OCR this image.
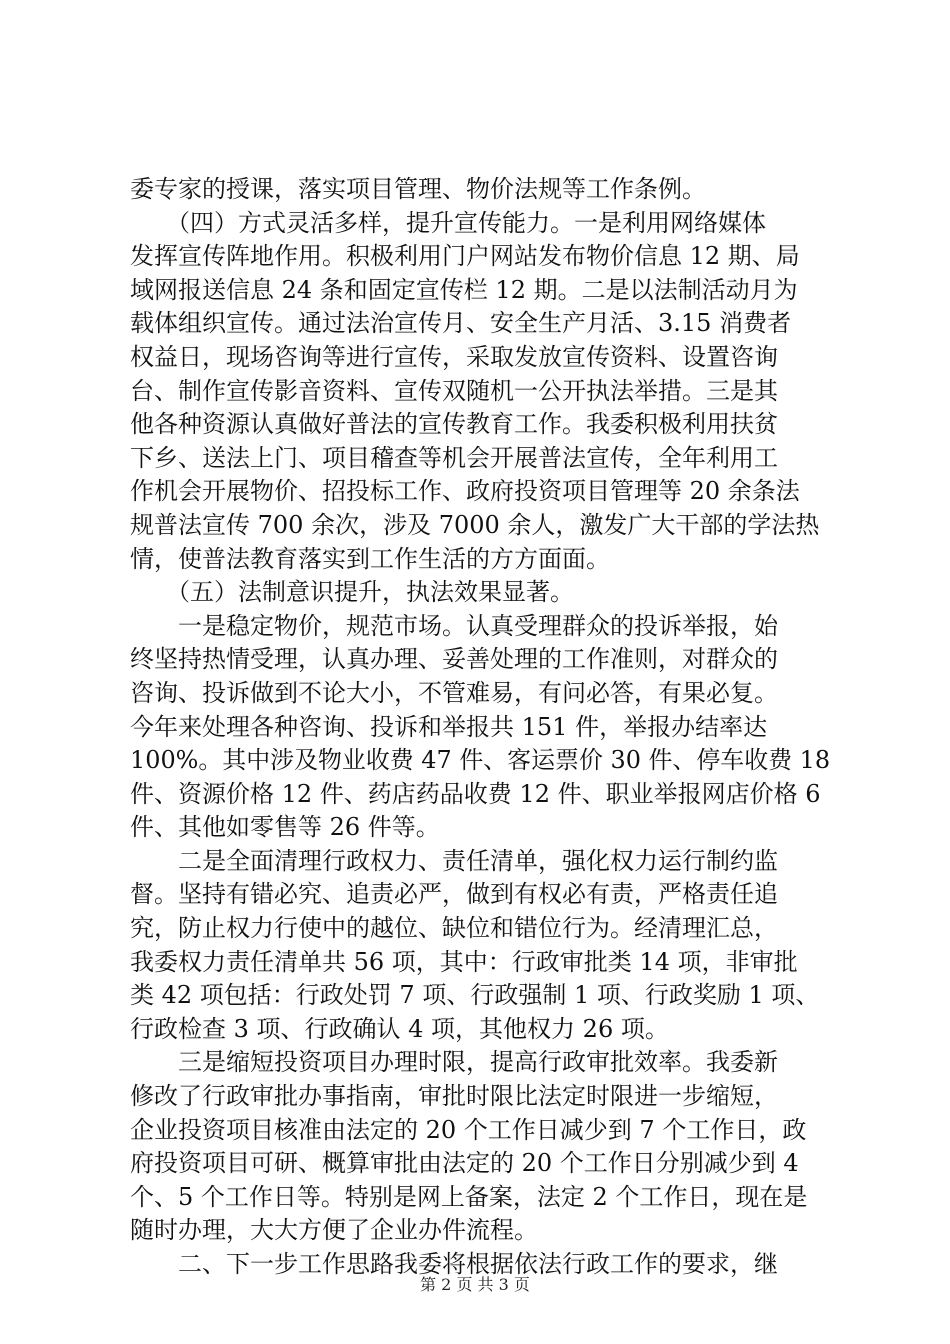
委专家的授课，落实项目管理、物价法规等工作条例。
　　（四）方式灵活多样，提升宣传能力。一是利用网络媒体
发挥宣传阵地作用。积极利用门户网站发布物价信息 12 期、局
域网报送信息 24 条和固定宣传栏 12 期。二是以法制活动月为
载体组织宣传。通过法治宣传月、安全生产月活、3.15 消费者
权益日，现场咨询等进行宣传，采取发放宣传资料、设置咨询
台、制作宣传影音资料、宣传双随机一公开执法举措。三是其
他各种资源认真做好普法的宣传教育工作。我委积极利用扶贫
下乡、送法上门、项目稽查等机会开展普法宣传，全年利用工
作机会开展物价、招投标工作、政府投资项目管理等 20 余条法
规普法宣传 700 余次，涉及 7000 余人，激发广大干部的学法热
情，使普法教育落实到工作生活的方方面面。
　　（五）法制意识提升，执法效果显著。
　　一是稳定物价，规范市场。认真受理群众的投诉举报，始
终坚持热情受理，认真办理、妥善处理的工作准则，对群众的
咨询、投诉做到不论大小，不管难易，有问必答，有果必复。
今年来处理各种咨询、投诉和举报共 151 件，举报办结率达
100%。其中涉及物业收费 47 件、客运票价 30 件、停车收费 18
件、资源价格 12 件、药店药品收费 12 件、职业举报网店价格 6
件、其他如零售等 26 件等。
　　二是全面清理行政权力、责任清单，强化权力运行制约监
督。坚持有错必究、追责必严，做到有权必有责，严格责任追
究，防止权力行使中的越位、缺位和错位行为。经清理汇总，
我委权力责任清单共 56 项，其中：行政审批类 14 项，非审批
类 42 项包括：行政处罚 7 项、行政强制 1 项、行政奖励 1 项、
行政检查 3 项、行政确认 4 项，其他权力 26 项。
　　三是缩短投资项目办理时限，提高行政审批效率。我委新
修改了行政审批办事指南，审批时限比法定时限进一步缩短，
企业投资项目核准由法定的 20 个工作日减少到 7 个工作日，政
府投资项目可研、概算审批由法定的 20 个工作日分别减少到 4
个、5 个工作日等。特别是网上备案，法定 2 个工作日，现在是
随时办理，大大方便了企业办件流程。
　　二、下一步工作思路我委将根据依法行政工作的要求，继
第 2 页 共 3 页
